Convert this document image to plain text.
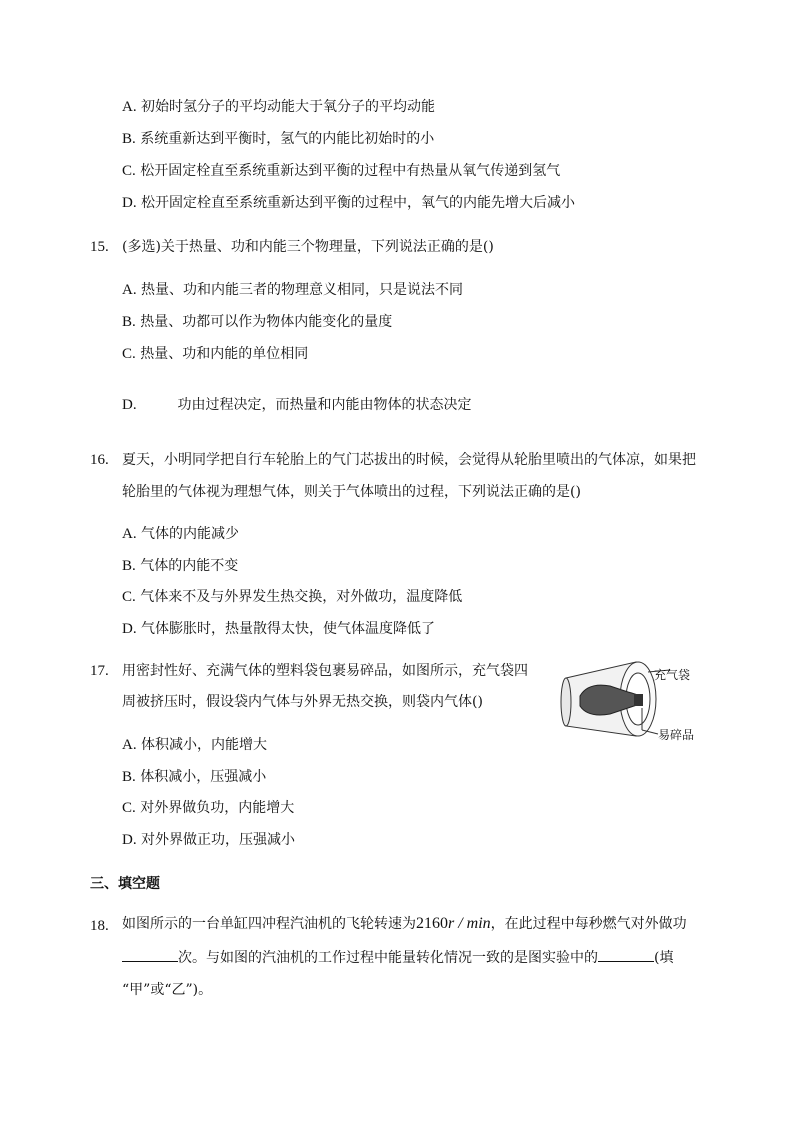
A. 初始时氢分子的平均动能大于氧分子的平均动能
B. 系统重新达到平衡时，氢气的内能比初始时的小
C. 松开固定栓直至系统重新达到平衡的过程中有热量从氧气传递到氢气
D. 松开固定栓直至系统重新达到平衡的过程中，氧气的内能先增大后减小
15. (多选)关于热量、功和内能三个物理量，下列说法正确的是()
A. 热量、功和内能三者的物理意义相同，只是说法不同
B. 热量、功都可以作为物体内能变化的量度
C. 热量、功和内能的单位相同
D.	功由过程决定，而热量和内能由物体的状态决定
16. 夏天，小明同学把自行车轮胎上的气门芯拔出的时候，会觉得从轮胎里喷出的气体凉，如果把
轮胎里的气体视为理想气体，则关于气体喷出的过程，下列说法正确的是()
A. 气体的内能减少
B. 气体的内能不变
C. 气体来不及与外界发生热交换，对外做功，温度降低
D. 气体膨胀时，热量散得太快，使气体温度降低了
17. 用密封性好、充满气体的塑料袋包裹易碎品，如图所示，充气袋四
周被挤压时，假设袋内气体与外界无热交换，则袋内气体()
充气袋
易碎品
A. 体积减小，内能增大
B. 体积减小，压强减小
C. 对外界做负功，内能增大
D. 对外界做正功，压强减小
三、填空题
18. 如图所示的一台单缸四冲程汽油机的飞轮转速为2160r / min，在此过程中每秒燃气对外做功
次。与如图的汽油机的工作过程中能量转化情况一致的是图实验中的	(填
“甲”或“乙”)。
